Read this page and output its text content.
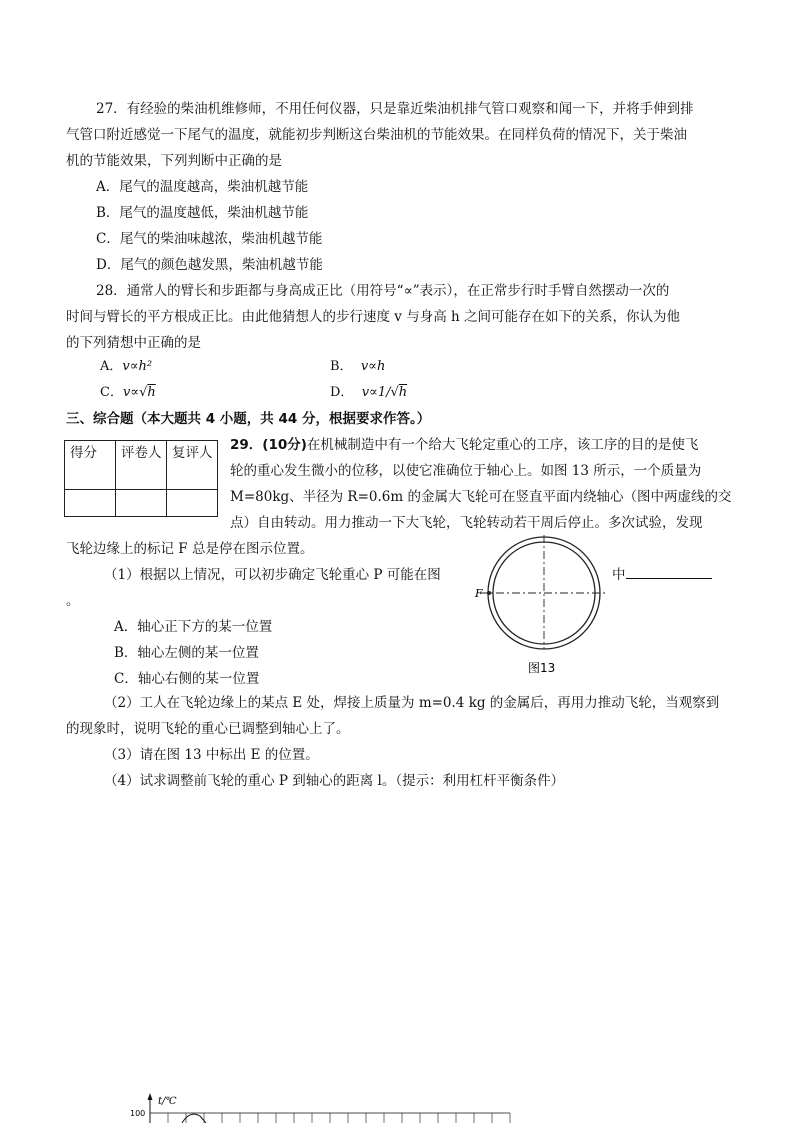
27．有经验的柴油机维修师，不用任何仪器，只是靠近柴油机排气管口观察和闻一下，并将手伸到排
气管口附近感觉一下尾气的温度，就能初步判断这台柴油机的节能效果。在同样负荷的情况下，关于柴油
机的节能效果，下列判断中正确的是
A．尾气的温度越高，柴油机越节能
B．尾气的温度越低，柴油机越节能
C．尾气的柴油味越浓，柴油机越节能
D．尾气的颜色越发黑，柴油机越节能
28．通常人的臂长和步距都与身高成正比（用符号“∝”表示），在正常步行时手臂自然摆动一次的
时间与臂长的平方根成正比。由此他猜想人的步行速度 v 与身高 h 之间可能存在如下的关系，你认为他
的下列猜想中正确的是
A．v∝h²	B． v∝h
C．v∝√h	D． v∝1/√h
三、综合题（本大题共 4 小题，共 44 分，根据要求作答。）
得分	评卷人	复评人
		29．(10分)在机械制造中有一个给大飞轮定重心的工序，该工序的目的是使飞
轮的重心发生微小的位移，以使它准确位于轴心上。如图 13 所示，一个质量为
M=80kg、半径为 R=0.6m 的金属大飞轮可在竖直平面内绕轴心（图中两虚线的交
点）自由转动。用力推动一下大飞轮，飞轮转动若干周后停止。多次试验，发现
飞轮边缘上的标记 F 总是停在图示位置。
（1）根据以上情况，可以初步确定飞轮重心 P 可能在图	中
。
A．轴心正下方的某一位置
B．轴心左侧的某一位置
C．轴心右侧的某一位置
（2）工人在飞轮边缘上的某点 E 处，焊接上质量为 m=0.4 kg 的金属后，再用力推动飞轮，当观察到
的现象时，说明飞轮的重心已调整到轴心上了。
（3）请在图 13 中标出 E 的位置。
（4）试求调整前飞轮的重心 P 到轴心的距离 l。（提示：利用杠杆平衡条件）
F
图13
t/℃
100
